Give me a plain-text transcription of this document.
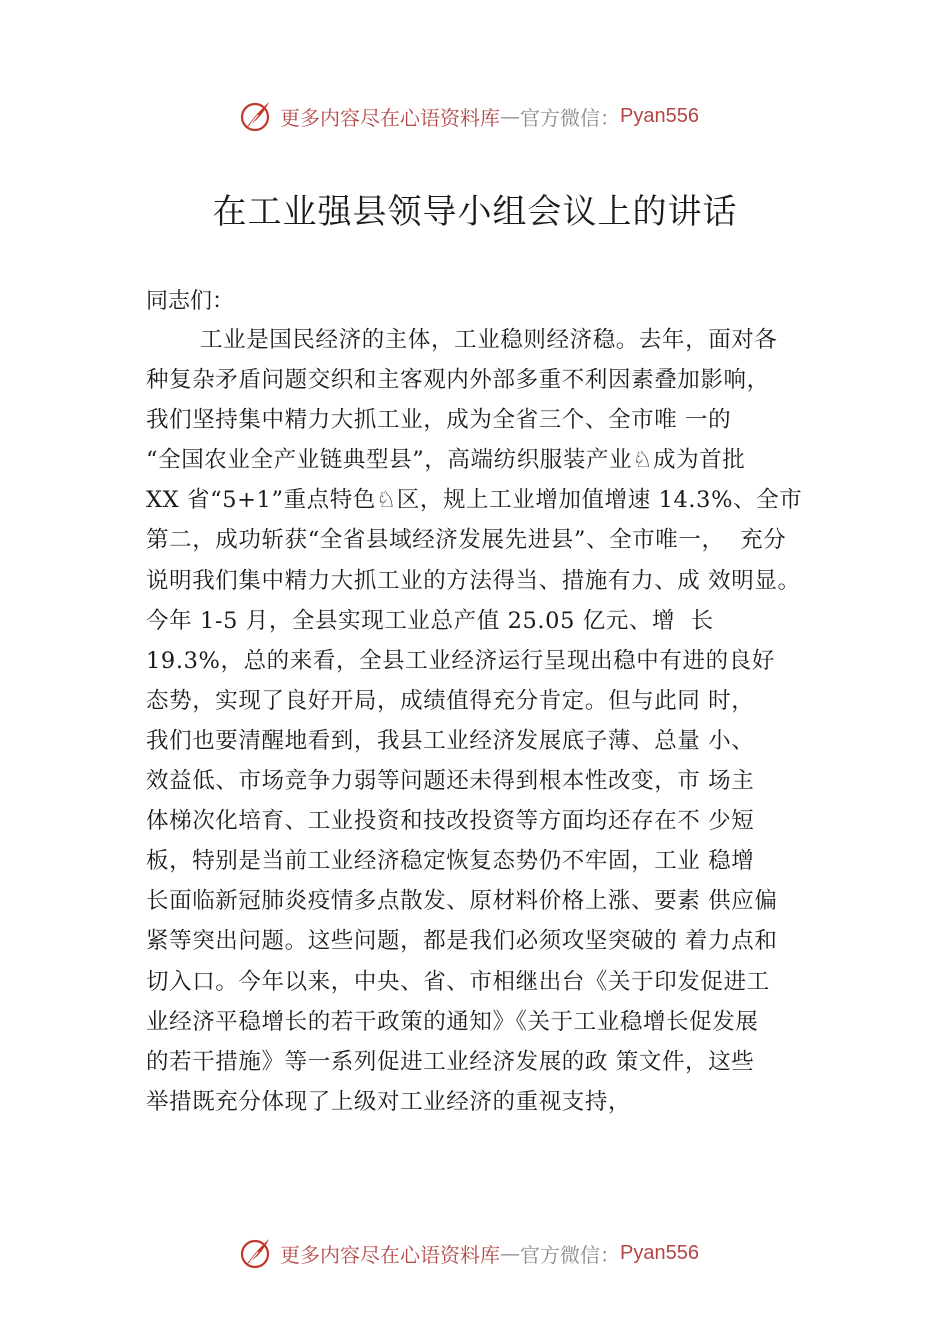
更多内容尽在心语资料库 — 官方微信： Pyan556
在工业强县领导小组会议上的讲话

同志们：

工业是国民经济的主体，工业稳则经济稳。去年，面对各
种复杂矛盾问题交织和主客观内外部多重不利因素叠加影响，
我们坚持集中精力大抓工业，成为全省三个、全市唯 一的
“全国农业全产业链典型县”，高端纺织服装产业♘成为首批
XX 省“5+1”重点特色♘区，规上工业增加值增速 14.3%、全市
第二，成功斩获“全省县域经济发展先进县”、全市唯一，  充分
说明我们集中精力大抓工业的方法得当、措施有力、成 效明显。
今年 1-5 月，全县实现工业总产值 25.05 亿元、增  长
19.3%，总的来看，全县工业经济运行呈现出稳中有进的良好
态势，实现了良好开局，成绩值得充分肯定。但与此同 时，
我们也要清醒地看到，我县工业经济发展底子薄、总量 小、
效益低、市场竞争力弱等问题还未得到根本性改变，市 场主
体梯次化培育、工业投资和技改投资等方面均还存在不 少短
板，特别是当前工业经济稳定恢复态势仍不牢固，工业 稳增
长面临新冠肺炎疫情多点散发、原材料价格上涨、要素 供应偏
紧等突出问题。这些问题，都是我们必须攻坚突破的 着力点和
切入口。今年以来，中央、省、市相继出台《关于印发促进工
业经济平稳增长的若干政策的通知》《关于工业稳增长促发展
的若干措施》等一系列促进工业经济发展的政 策文件，这些
举措既充分体现了上级对工业经济的重视支持，
更多内容尽在心语资料库 — 官方微信： Pyan556
